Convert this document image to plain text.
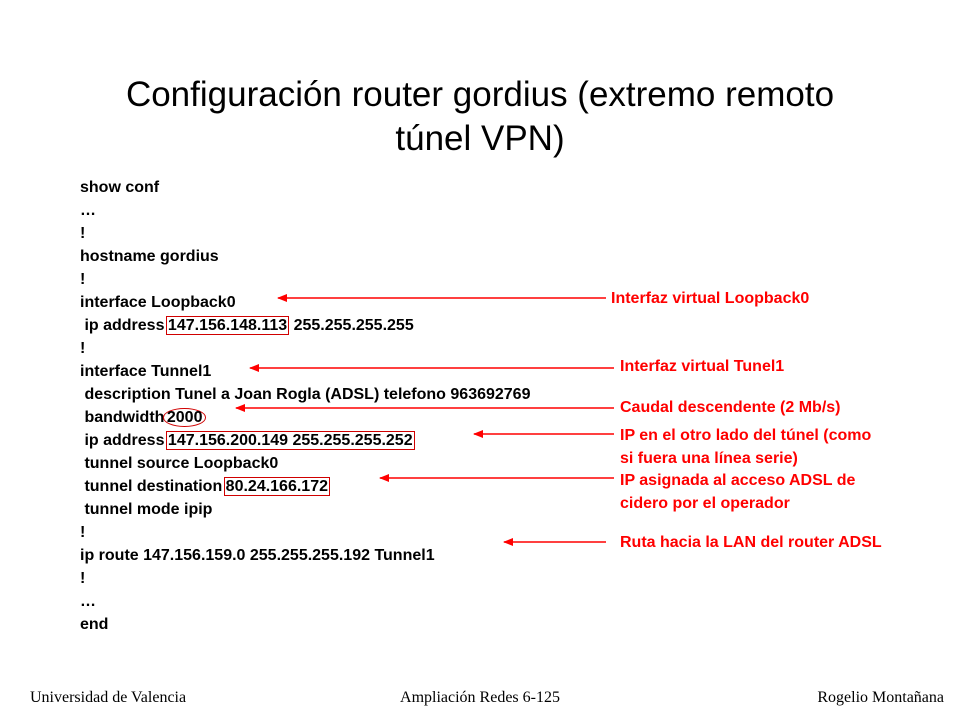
Configuración router gordius (extremo remoto
túnel VPN)
show conf
…
!
hostname gordius
!
interface Loopback0
ip address 147.156.148.113 255.255.255.255
!
interface Tunnel1
description Tunel a Joan Rogla (ADSL) telefono 963692769
bandwidth 2000
ip address 147.156.200.149 255.255.255.252
tunnel source Loopback0
tunnel destination 80.24.166.172
tunnel mode ipip
!
ip route 147.156.159.0 255.255.255.192 Tunnel1
!
…
end
Interfaz virtual Loopback0
Interfaz virtual Tunel1
Caudal descendente (2 Mb/s)
IP en el otro lado del túnel (como
si fuera una línea serie)
IP asignada al acceso ADSL de
cidero por el operador
Ruta hacia la LAN del router ADSL
Universidad de Valencia	Ampliación Redes 6-125	Rogelio Montañana
